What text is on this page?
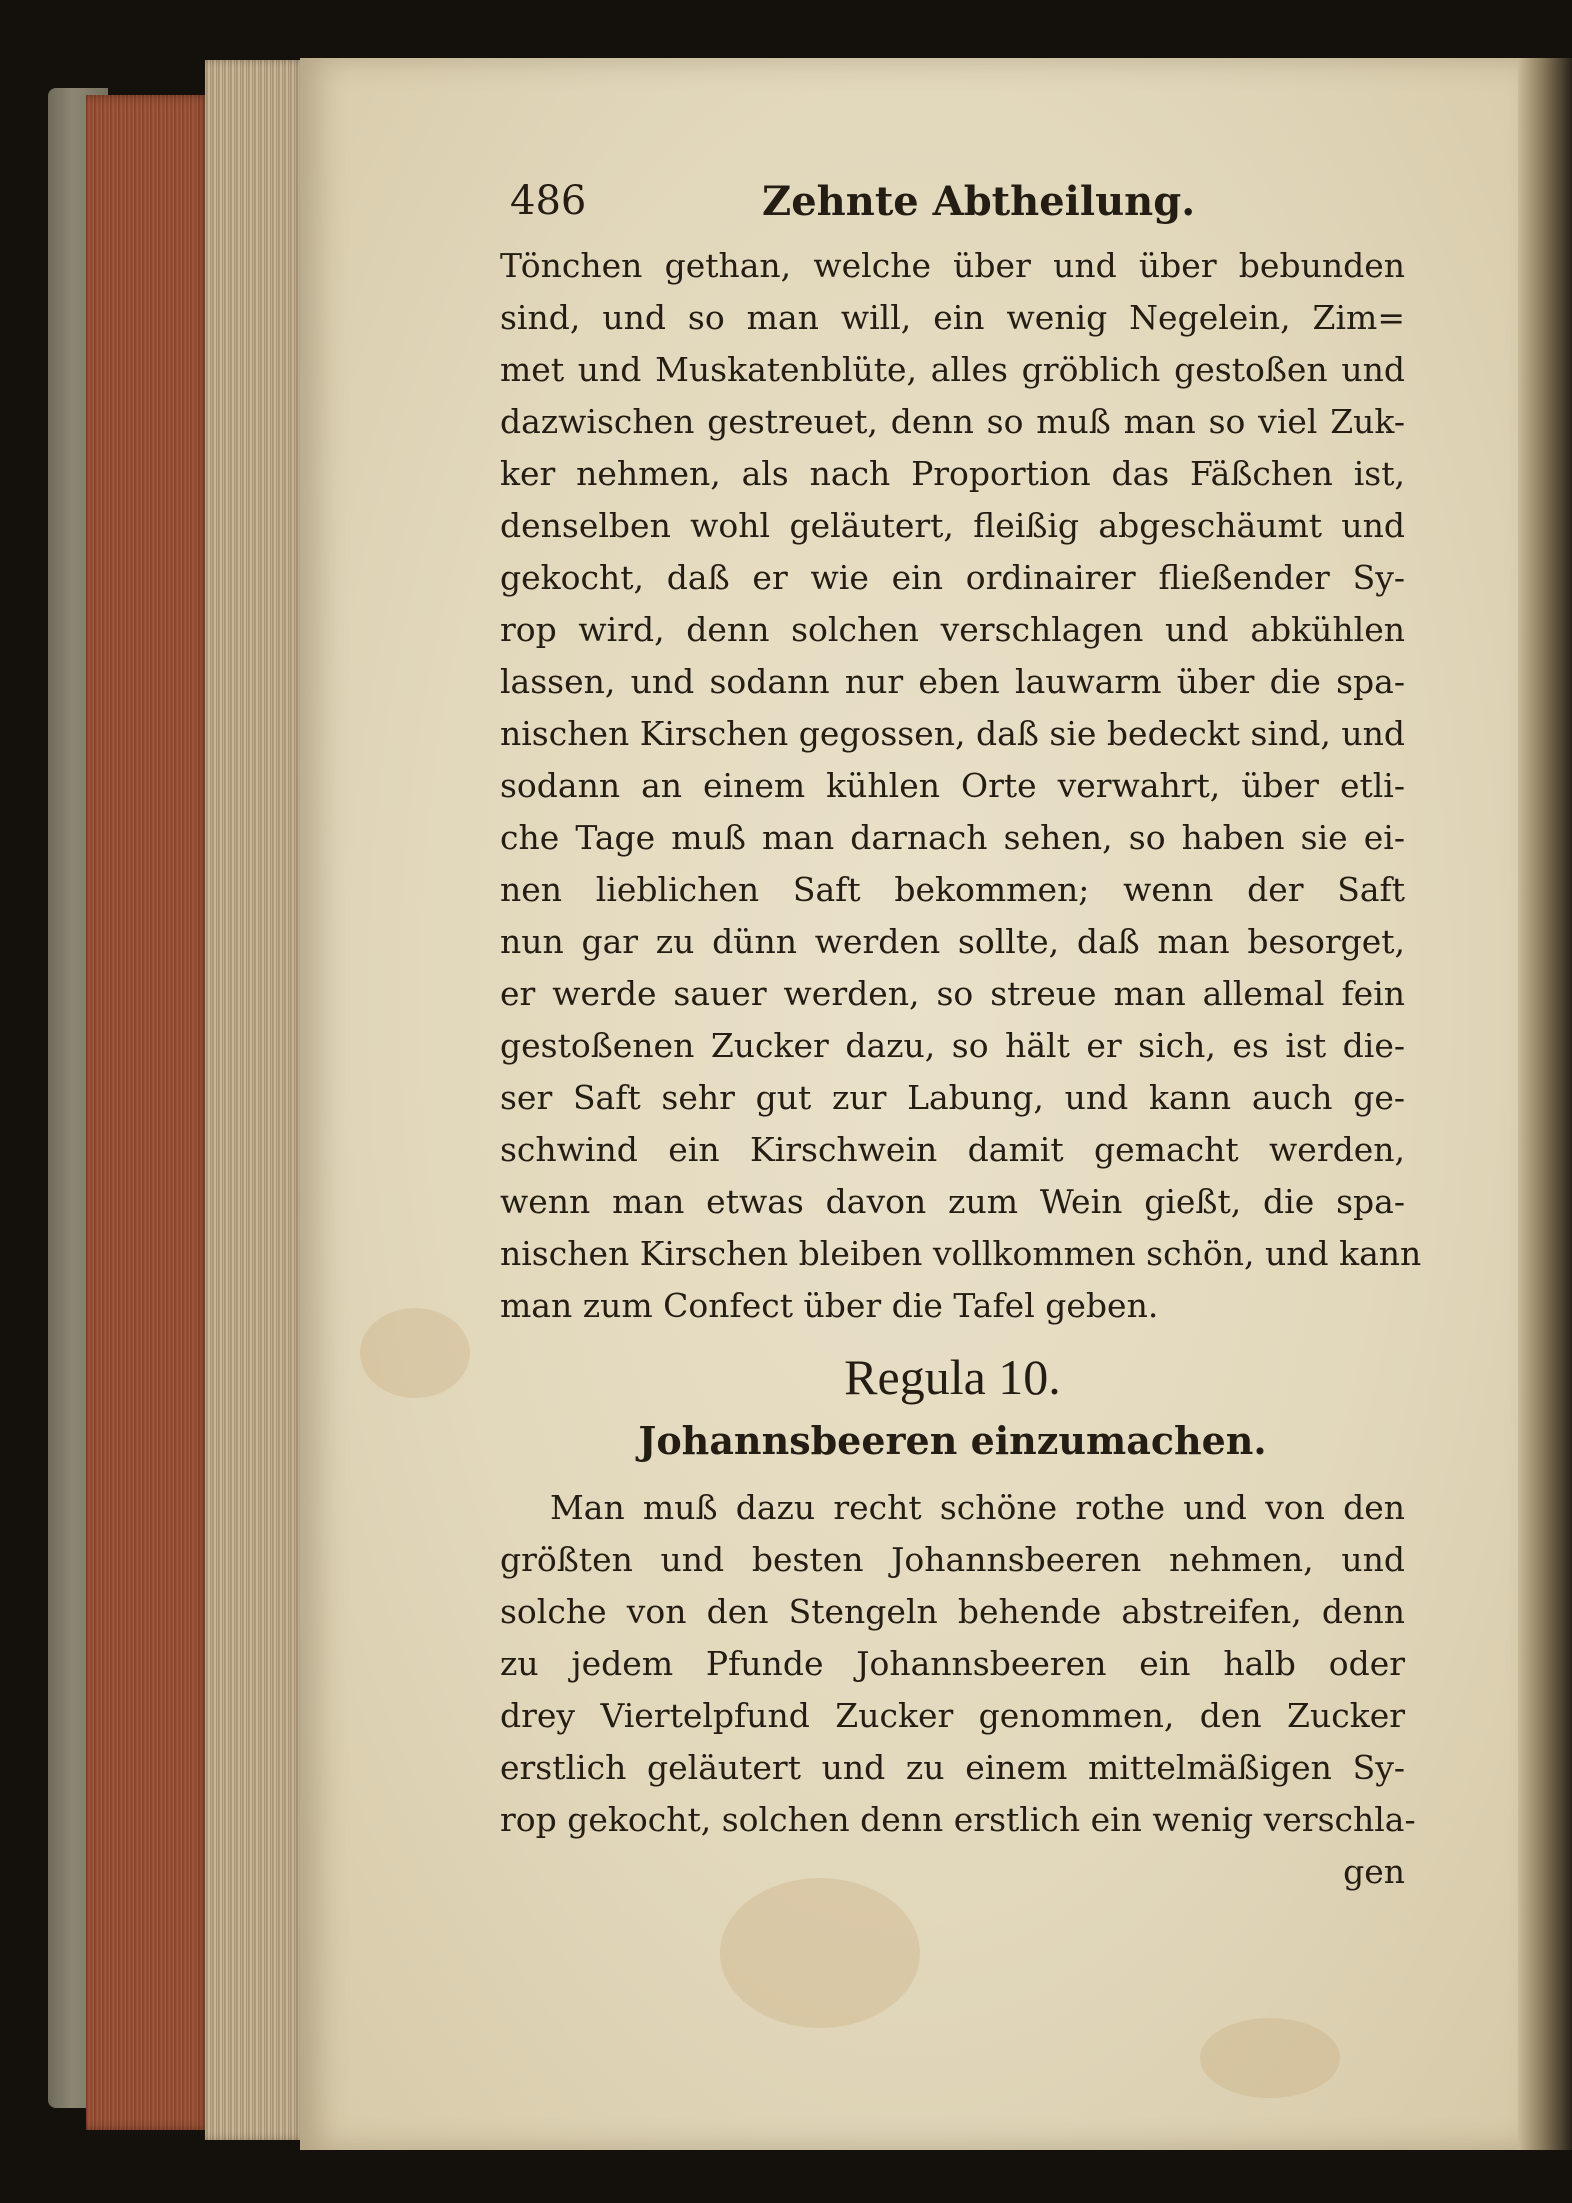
486	Zehnte Abtheilung.
Tönchen gethan, welche über und über bebunden
sind, und so man will, ein wenig Negelein, Zim=
met und Muskatenblüte, alles gröblich gestoßen und
dazwischen gestreuet, denn so muß man so viel Zuk-
ker nehmen, als nach Proportion das Fäßchen ist,
denselben wohl geläutert, fleißig abgeschäumt und
gekocht, daß er wie ein ordinairer fließender Sy-
rop wird, denn solchen verschlagen und abkühlen
lassen, und sodann nur eben lauwarm über die spa-
nischen Kirschen gegossen, daß sie bedeckt sind, und
sodann an einem kühlen Orte verwahrt, über etli-
che Tage muß man darnach sehen, so haben sie ei-
nen lieblichen Saft bekommen; wenn der Saft
nun gar zu dünn werden sollte, daß man besorget,
er werde sauer werden, so streue man allemal fein
gestoßenen Zucker dazu, so hält er sich, es ist die-
ser Saft sehr gut zur Labung, und kann auch ge-
schwind ein Kirschwein damit gemacht werden,
wenn man etwas davon zum Wein gießt, die spa-
nischen Kirschen bleiben vollkommen schön, und kann
man zum Confect über die Tafel geben.
Regula 10.
Johannsbeeren einzumachen.
Man muß dazu recht schöne rothe und von den
größten und besten Johannsbeeren nehmen, und
solche von den Stengeln behende abstreifen, denn
zu jedem Pfunde Johannsbeeren ein halb oder
drey Viertelpfund Zucker genommen, den Zucker
erstlich geläutert und zu einem mittelmäßigen Sy-
rop gekocht, solchen denn erstlich ein wenig verschla-
gen
